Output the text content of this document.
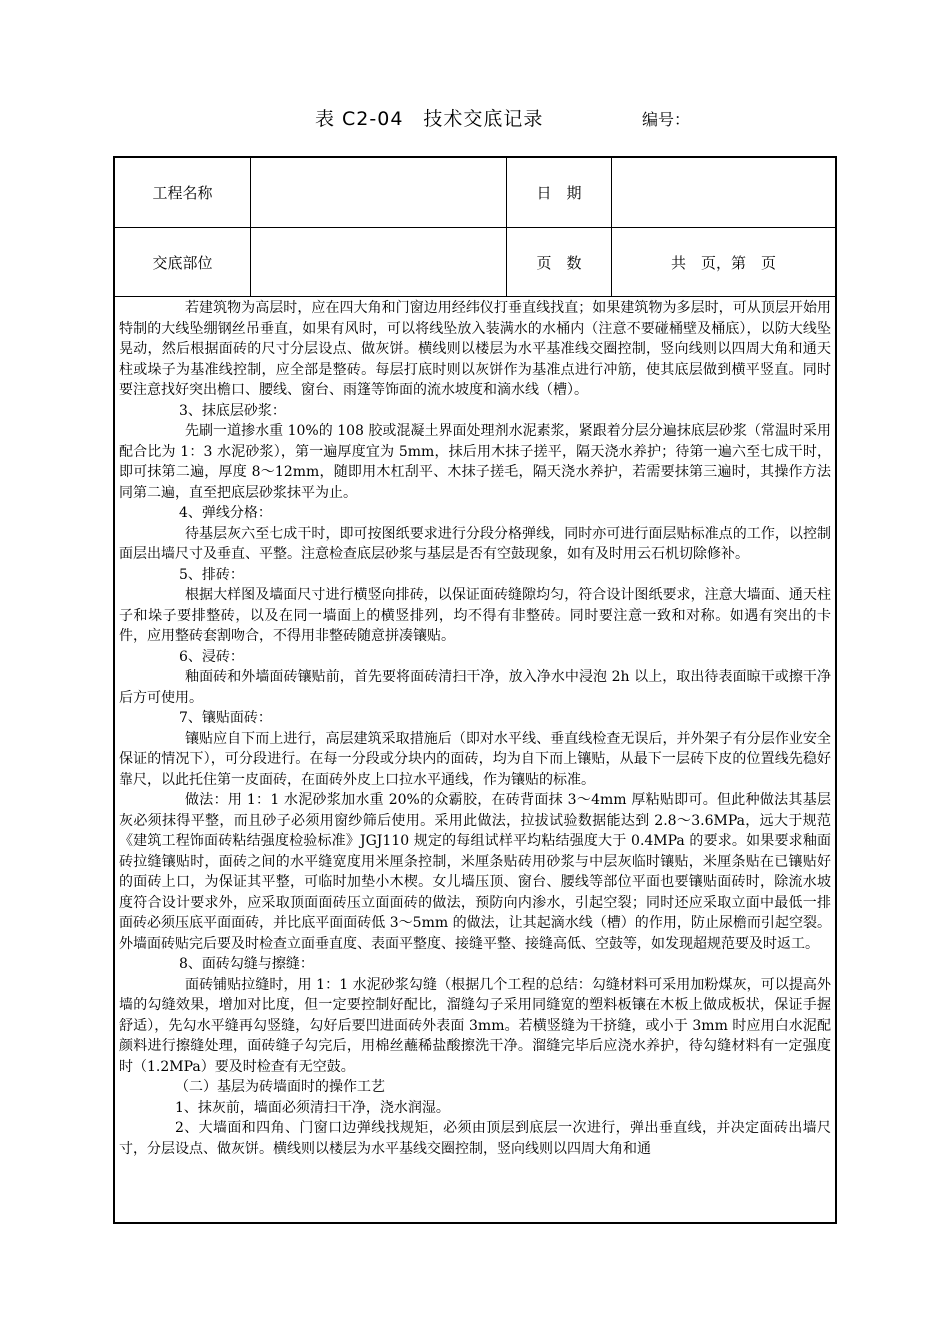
表 C2-04　技术交底记录	编号：
工程名称	日　期
交底部位	页　数	共　页，第　页

若建筑物为高层时，应在四大角和门窗边用经纬仪打垂直线找直；如果建筑物为多层时，可从顶层开始用特制的大线坠绷钢丝吊垂直，如果有风时，可以将线坠放入装满水的水桶内（注意不要碰桶壁及桶底），以防大线坠晃动，然后根据面砖的尺寸分层设点、做灰饼。横线则以楼层为水平基准线交圈控制，竖向线则以四周大角和通天柱或垛子为基准线控制，应全部是整砖。每层打底时则以灰饼作为基准点进行冲筋，使其底层做到横平竖直。同时要注意找好突出檐口、腰线、窗台、雨篷等饰面的流水坡度和滴水线（槽）。

3、抹底层砂浆：

先刷一道掺水重 10%的 108 胶或混凝土界面处理剂水泥素浆，紧跟着分层分遍抹底层砂浆（常温时采用配合比为 1：3 水泥砂浆），第一遍厚度宜为 5mm，抹后用木抹子搓平，隔天浇水养护；待第一遍六至七成干时，即可抹第二遍，厚度 8～12mm，随即用木杠刮平、木抹子搓毛，隔天浇水养护，若需要抹第三遍时，其操作方法同第二遍，直至把底层砂浆抹平为止。

4、弹线分格：

待基层灰六至七成干时，即可按图纸要求进行分段分格弹线，同时亦可进行面层贴标准点的工作，以控制面层出墙尺寸及垂直、平整。注意检查底层砂浆与基层是否有空鼓现象，如有及时用云石机切除修补。

5、排砖：

根据大样图及墙面尺寸进行横竖向排砖，以保证面砖缝隙均匀，符合设计图纸要求，注意大墙面、通天柱子和垛子要排整砖，以及在同一墙面上的横竖排列，均不得有非整砖。同时要注意一致和对称。如遇有突出的卡件，应用整砖套割吻合，不得用非整砖随意拼凑镶贴。

6、浸砖：

釉面砖和外墙面砖镶贴前，首先要将面砖清扫干净，放入净水中浸泡 2h 以上，取出待表面晾干或擦干净后方可使用。

7、镶贴面砖：

镶贴应自下而上进行，高层建筑采取措施后（即对水平线、垂直线检查无误后，并外架子有分层作业安全保证的情况下），可分段进行。在每一分段或分块内的面砖，均为自下而上镶贴，从最下一层砖下皮的位置线先稳好靠尺，以此托住第一皮面砖，在面砖外皮上口拉水平通线，作为镶贴的标准。

做法：用 1：1 水泥砂浆加水重 20%的众霸胶，在砖背面抹 3～4mm 厚粘贴即可。但此种做法其基层灰必须抹得平整，而且砂子必须用窗纱筛后使用。采用此做法，拉拔试验数据能达到 2.8～3.6MPa，远大于规范《建筑工程饰面砖粘结强度检验标准》JGJ110 规定的每组试样平均粘结强度大于 0.4MPa 的要求。如果要求釉面砖拉缝镶贴时，面砖之间的水平缝宽度用米厘条控制，米厘条贴砖用砂浆与中层灰临时镶贴，米厘条贴在已镶贴好的面砖上口，为保证其平整，可临时加垫小木楔。女儿墙压顶、窗台、腰线等部位平面也要镶贴面砖时，除流水坡度符合设计要求外，应采取顶面面砖压立面面砖的做法，预防向内渗水，引起空裂；同时还应采取立面中最低一排面砖必须压底平面面砖，并比底平面面砖低 3～5mm 的做法，让其起滴水线（槽）的作用，防止尿檐而引起空裂。外墙面砖贴完后要及时检查立面垂直度、表面平整度、接缝平整、接缝高低、空鼓等，如发现超规范要及时返工。

8、面砖勾缝与擦缝：

面砖铺贴拉缝时，用 1：1 水泥砂浆勾缝（根据几个工程的总结：勾缝材料可采用加粉煤灰，可以提高外墙的勾缝效果，增加对比度，但一定要控制好配比，溜缝勾子采用同缝宽的塑料板镶在木板上做成板状，保证手握舒适），先勾水平缝再勾竖缝，勾好后要凹进面砖外表面 3mm。若横竖缝为干挤缝，或小于 3mm 时应用白水泥配颜料进行擦缝处理，面砖缝子勾完后，用棉丝蘸稀盐酸擦洗干净。溜缝完毕后应浇水养护，待勾缝材料有一定强度时（1.2MPa）要及时检查有无空鼓。

（二）基层为砖墙面时的操作工艺

1、抹灰前，墙面必须清扫干净，浇水润湿。

2、大墙面和四角、门窗口边弹线找规矩，必须由顶层到底层一次进行，弹出垂直线，并决定面砖出墙尺寸，分层设点、做灰饼。横线则以楼层为水平基线交圈控制，竖向线则以四周大角和通
